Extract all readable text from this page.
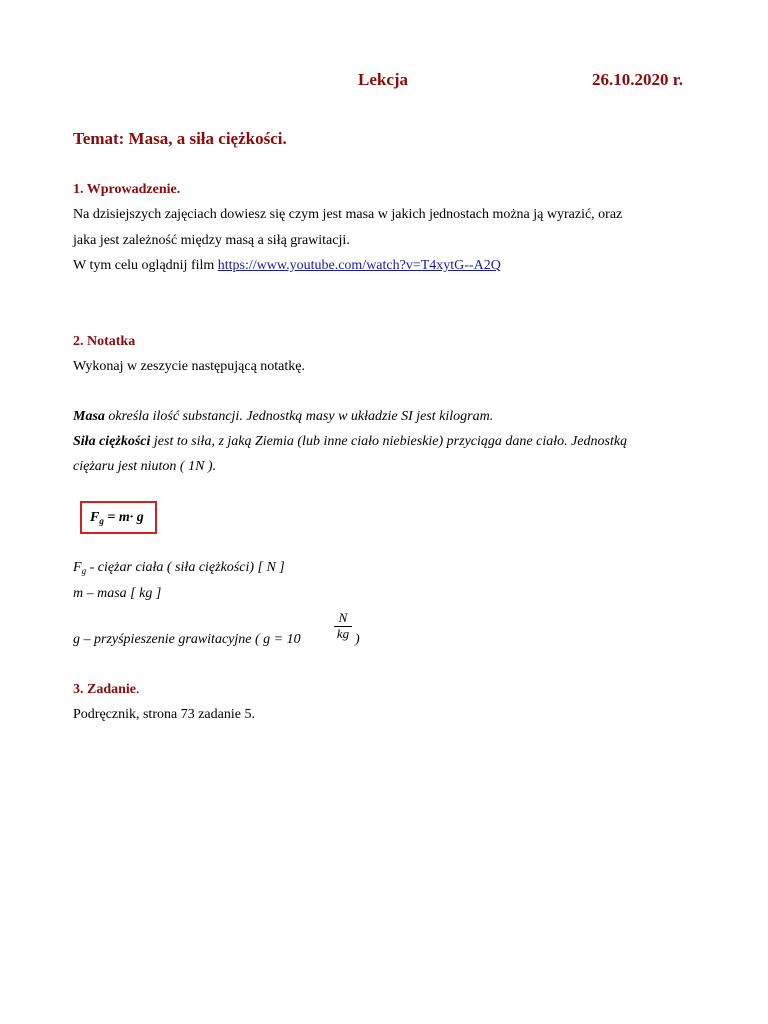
Lekcja	26.10.2020 r.
Temat: Masa, a siła ciężkości.
1. Wprowadzenie.
Na dzisiejszych zajęciach dowiesz się czym jest masa w jakich jednostach można ją wyrazić, oraz
jaka jest zależność między masą a siłą grawitacji.
W tym celu oglądnij film https://www.youtube.com/watch?v=T4xytG--A2Q
2. Notatka
Wykonaj w zeszycie następującą notatkę.
Masa określa ilość substancji. Jednostką masy w układzie SI jest kilogram.
Siła ciężkości jest to siła, z jaką Ziemia (lub inne ciało niebieskie) przyciąga dane ciało. Jednostką
ciężaru jest niuton ( 1N ).
$F_g = m\cdot g$
$F_g$ - ciężar ciała ( siła ciężkości) [ N ]
m – masa [ kg ]
g – przyśpieszenie grawitacyjne ( g = 10
N
kg )
3. Zadanie.
Podręcznik, strona 73 zadanie 5.
